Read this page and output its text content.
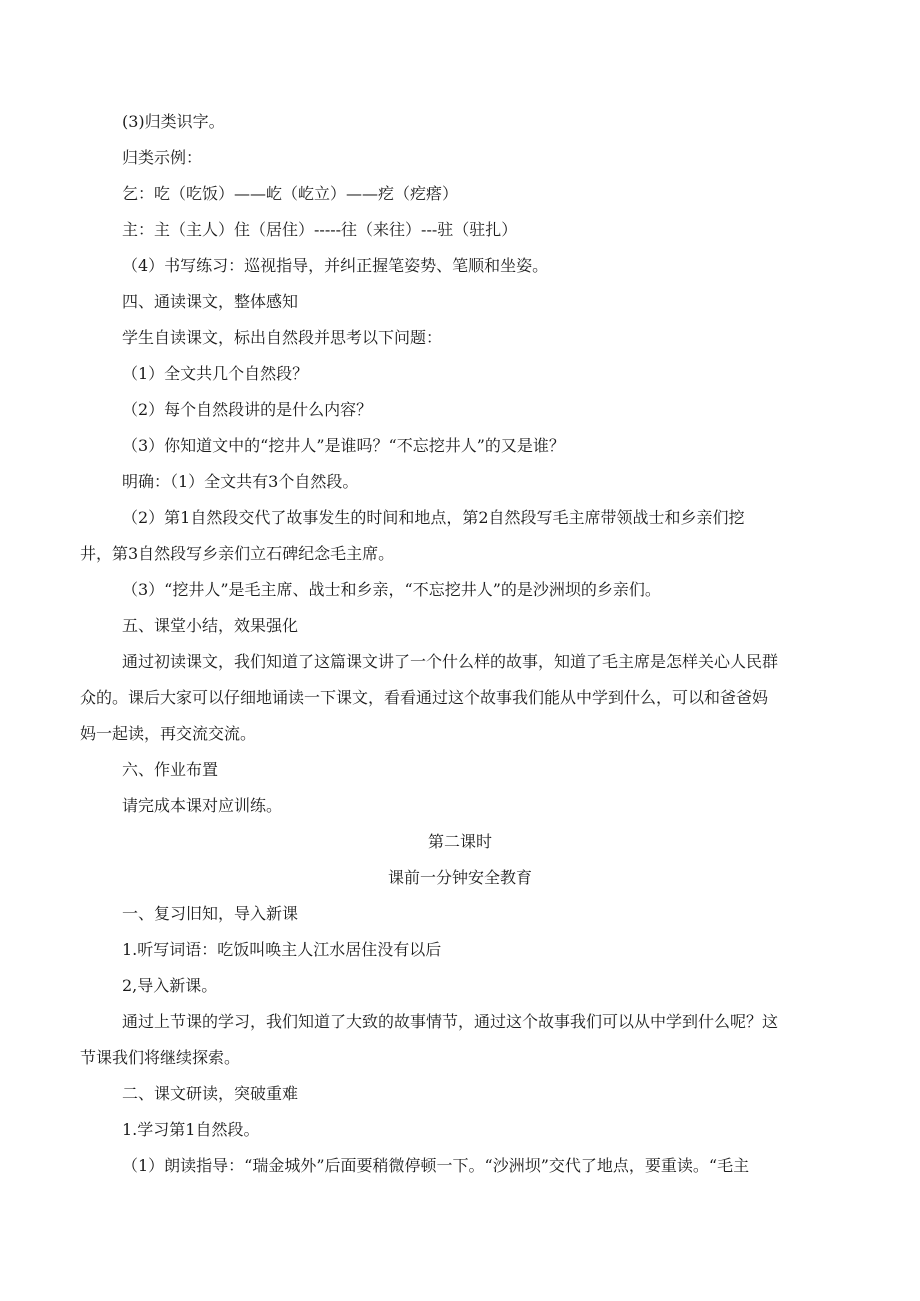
(3)归类识字。
归类示例：
乞：吃（吃饭）——屹（屹立）——疙（疙瘩）
主：主（主人）住（居住）-----往（来往）---驻（驻扎）
（4）书写练习：巡视指导，并纠正握笔姿势、笔顺和坐姿。
四、通读课文，整体感知
学生自读课文，标出自然段并思考以下问题：
（1）全文共几个自然段？
（2）每个自然段讲的是什么内容？
（3）你知道文中的“挖井人”是谁吗？“不忘挖井人”的又是谁？
明确：（1）全文共有3个自然段。
（2）第1自然段交代了故事发生的时间和地点，第2自然段写毛主席带领战士和乡亲们挖
井，第3自然段写乡亲们立石碑纪念毛主席。
（3）“挖井人”是毛主席、战士和乡亲，“不忘挖井人”的是沙洲坝的乡亲们。
五、课堂小结，效果强化
通过初读课文，我们知道了这篇课文讲了一个什么样的故事，知道了毛主席是怎样关心人民群
众的。课后大家可以仔细地诵读一下课文，看看通过这个故事我们能从中学到什么，可以和爸爸妈
妈一起读，再交流交流。
六、作业布置
请完成本课对应训练。
第二课时
课前一分钟安全教育
一、复习旧知，导入新课
1.听写词语：吃饭叫唤主人江水居住没有以后
2,导入新课。
通过上节课的学习，我们知道了大致的故事情节，通过这个故事我们可以从中学到什么呢？这
节课我们将继续探索。
二、课文研读，突破重难
1.学习第1自然段。
（1）朗读指导：“瑞金城外”后面要稍微停顿一下。“沙洲坝”交代了地点，要重读。“毛主
